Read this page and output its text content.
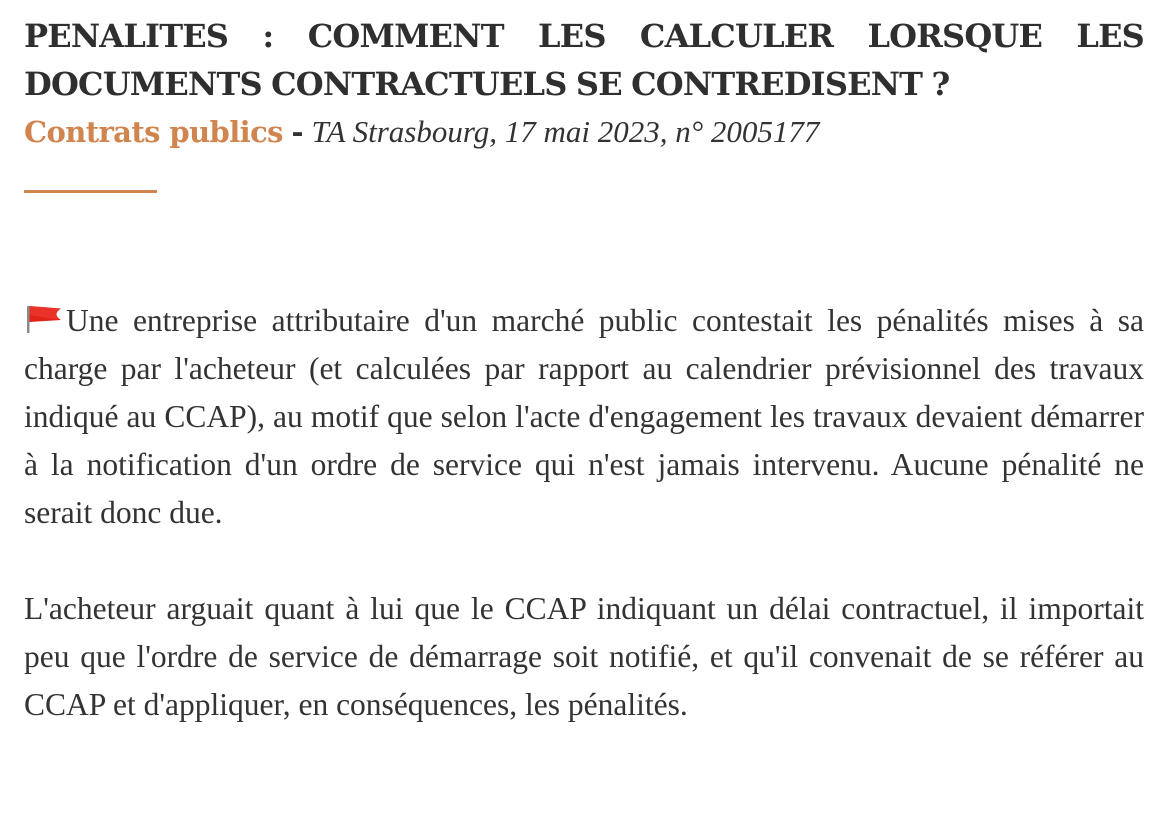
PENALITES : COMMENT LES CALCULER LORSQUE LES DOCUMENTS CONTRACTUELS SE CONTREDISENT ?

Contrats publics - TA Strasbourg, 17 mai 2023, n° 2005177

Une entreprise attributaire d'un marché public contestait les pénalités mises à sa charge par l'acheteur (et calculées par rapport au calendrier prévisionnel des travaux indiqué au CCAP), au motif que selon l'acte d'engagement les travaux devaient démarrer à la notification d'un ordre de service qui n'est jamais intervenu. Aucune pénalité ne serait donc due.

L'acheteur arguait quant à lui que le CCAP indiquant un délai contractuel, il importait peu que l'ordre de service de démarrage soit notifié, et qu'il convenait de se référer au CCAP et d'appliquer, en conséquences, les pénalités.
